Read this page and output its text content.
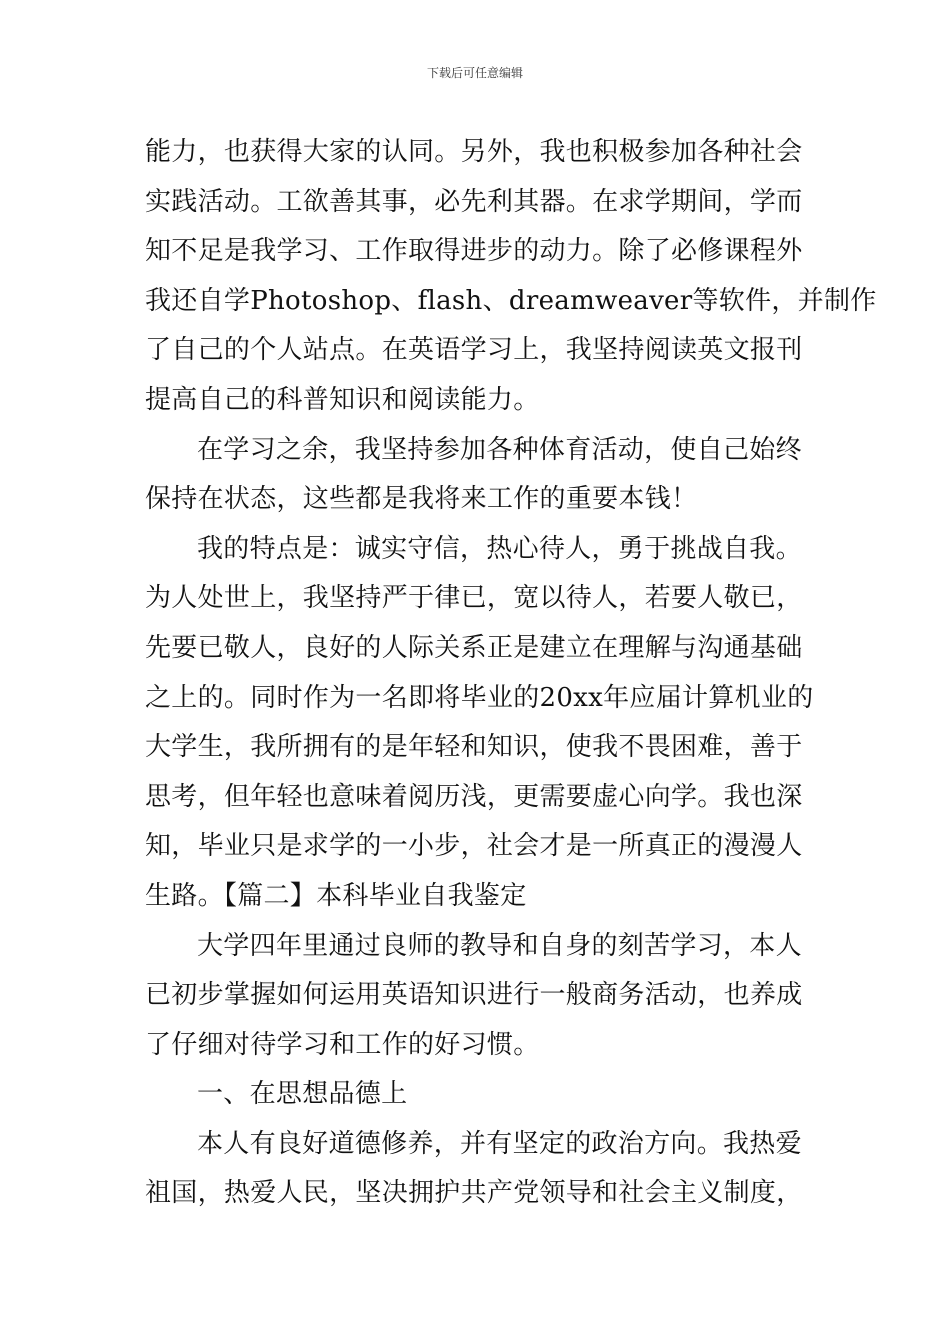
下载后可任意编辑
能力，也获得大家的认同。另外，我也积极参加各种社会
实践活动。工欲善其事，必先利其器。在求学期间，学而
知不足是我学习、工作取得进步的动力。除了必修课程外
我还自学Photoshop、flash、dreamweaver等软件，并制作
了自己的个人站点。在英语学习上，我坚持阅读英文报刊
提高自己的科普知识和阅读能力。
在学习之余，我坚持参加各种体育活动，使自己始终
保持在状态，这些都是我将来工作的重要本钱！
我的特点是：诚实守信，热心待人，勇于挑战自我。
为人处世上，我坚持严于律已，宽以待人，若要人敬已，
先要已敬人，良好的人际关系正是建立在理解与沟通基础
之上的。同时作为一名即将毕业的20xx年应届计算机业的
大学生，我所拥有的是年轻和知识，使我不畏困难，善于
思考，但年轻也意味着阅历浅，更需要虚心向学。我也深
知，毕业只是求学的一小步，社会才是一所真正的漫漫人
生路。【篇二】本科毕业自我鉴定
大学四年里通过良师的教导和自身的刻苦学习，本人
已初步掌握如何运用英语知识进行一般商务活动，也养成
了仔细对待学习和工作的好习惯。
一、在思想品德上
本人有良好道德修养，并有坚定的政治方向。我热爱
祖国，热爱人民，坚决拥护共产党领导和社会主义制度，
